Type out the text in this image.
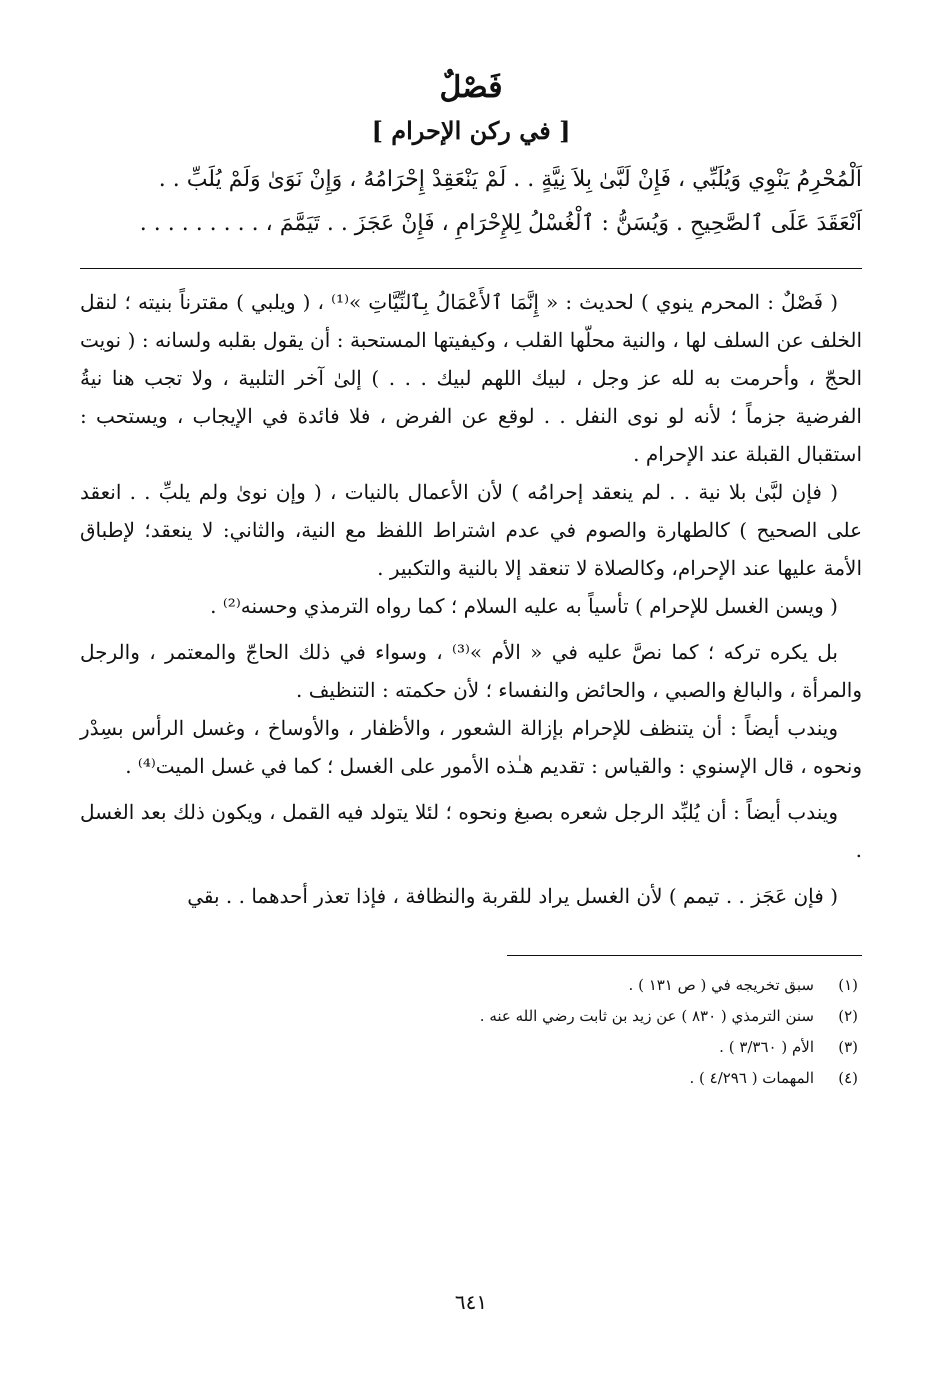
فَصْلٌ
[ في ركن الإحرام ]

اَلْمُحْرِمُ يَنْوِي وَيُلَبِّي ، فَإِنْ لَبَّىٰ بِلاَ نِيَّةٍ . . لَمْ يَنْعَقِدْ إِحْرَامُهُ ، وَإِنْ نَوَىٰ وَلَمْ يُلَبِّ . .

اَنْعَقَدَ عَلَى ٱلصَّحِيحِ . وَيُسَنُّ : ٱلْغُسْلُ لِلإِحْرَامِ ، فَإِنْ عَجَزَ . . تَيَمَّمَ ، . . . . . . . . .

( فَصْلٌ : المحرم ينوي ) لحديث : « إِنَّمَا ٱلأَعْمَالُ بِٱلنِّيَّاتِ »⁽¹⁾ ، ( ويلبي ) مقترناً بنيته ؛ لنقل الخلف عن السلف لها ، والنية محلّها القلب ، وكيفيتها المستحبة : أن يقول بقلبه ولسانه : ( نويت الحجّ ، وأحرمت به لله عز وجل ، لبيك اللهم لبيك . . . ) إلىٰ آخر التلبية ، ولا تجب هنا نيةُ الفرضية جزماً ؛ لأنه لو نوى النفل . . لوقع عن الفرض ، فلا فائدة في الإيجاب ، ويستحب : استقبال القبلة عند الإحرام .

( فإن لبَّىٰ بلا نية . . لم ينعقد إحرامُه ) لأن الأعمال بالنيات ، ( وإن نوىٰ ولم يلبِّ . . انعقد على الصحيح ) كالطهارة والصوم في عدم اشتراط اللفظ مع النية، والثاني: لا ينعقد؛ لإطباق الأمة عليها عند الإحرام، وكالصلاة لا تنعقد إلا بالنية والتكبير .

( ويسن الغسل للإحرام ) تأسياً به عليه السلام ؛ كما رواه الترمذي وحسنه⁽²⁾ .

بل يكره تركه ؛ كما نصَّ عليه في « الأم »⁽³⁾ ، وسواء في ذلك الحاجّ والمعتمر ، والرجل والمرأة ، والبالغ والصبي ، والحائض والنفساء ؛ لأن حكمته : التنظيف .

ويندب أيضاً : أن يتنظف للإحرام بإزالة الشعور ، والأظفار ، والأوساخ ، وغسل الرأس بسِدْر ونحوه ، قال الإسنوي : والقياس : تقديم هـٰذه الأمور على الغسل ؛ كما في غسل الميت⁽⁴⁾ .

ويندب أيضاً : أن يُلبِّد الرجل شعره بصبغ ونحوه ؛ لئلا يتولد فيه القمل ، ويكون ذلك بعد الغسل .

( فإن عَجَز . . تيمم ) لأن الغسل يراد للقربة والنظافة ، فإذا تعذر أحدهما . . بقي

(١)
سبق تخريجه في ( ص ١٣١ ) .
(٢)
سنن الترمذي ( ٨٣٠ ) عن زيد بن ثابت رضي الله عنه .
(٣)
الأم ( ٣/٣٦٠ ) .
(٤)
المهمات ( ٤/٢٩٦ ) .
٦٤١
